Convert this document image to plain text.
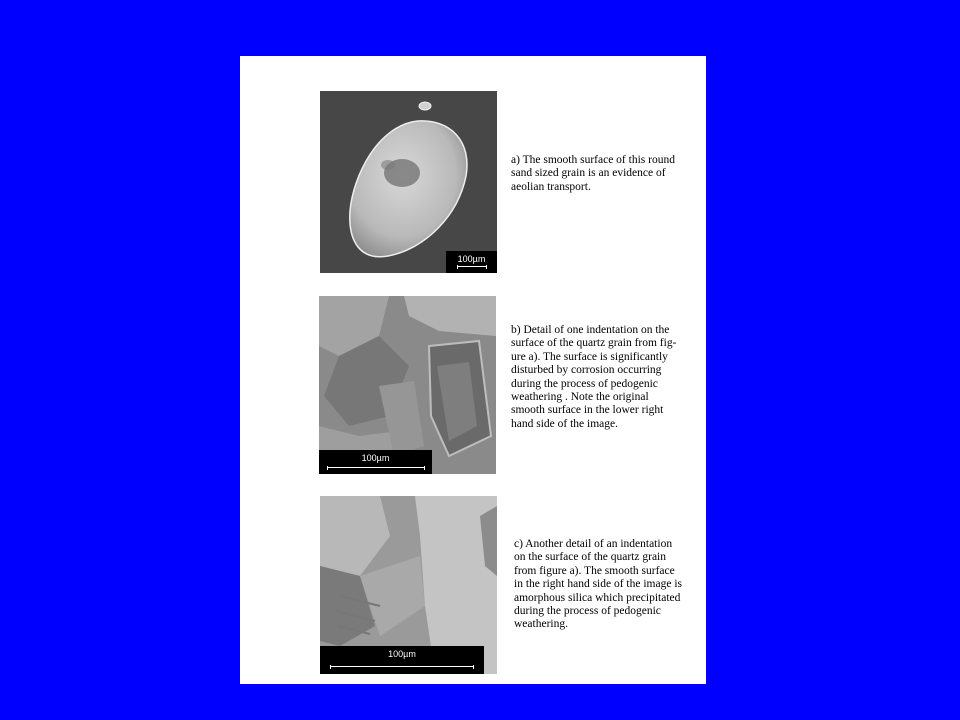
100µm

a) The smooth surface of this round
sand sized grain is an evidence of
aeolian transport.

100µm

b) Detail of one indentation on the
surface of the quartz grain from fig-
ure a). The surface is significantly
disturbed by corrosion occurring
during the process of pedogenic
weathering . Note the original
smooth surface in the lower right
hand side of the image.

100µm

c) Another detail of an indentation
on the surface of the quartz grain
from figure a). The smooth surface
in the right hand side of the image is
amorphous silica which precipitated
during the process of pedogenic
weathering.
